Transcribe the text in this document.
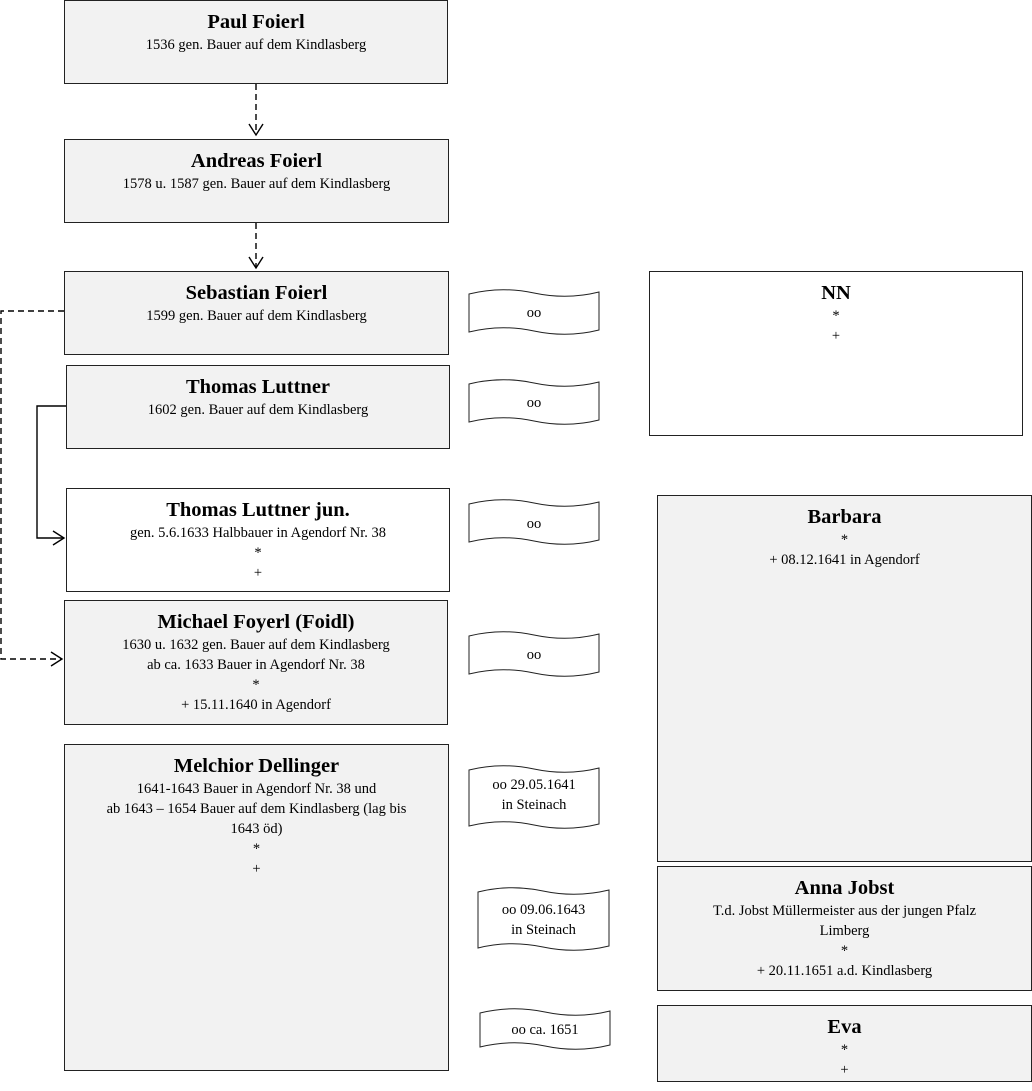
Paul Foierl
1536 gen. Bauer auf dem Kindlasberg
Andreas Foierl
1578 u. 1587 gen. Bauer auf dem Kindlasberg
Sebastian Foierl
1599 gen. Bauer auf dem Kindlasberg
Thomas Luttner
1602 gen. Bauer auf dem Kindlasberg
Thomas Luttner jun.
gen. 5.6.1633 Halbbauer in Agendorf Nr. 38
*
+
Michael Foyerl (Foidl)
1630 u. 1632 gen. Bauer auf dem Kindlasberg
ab ca. 1633 Bauer in Agendorf Nr. 38
*
+ 15.11.1640 in Agendorf
Melchior Dellinger
1641-1643 Bauer in Agendorf Nr. 38 und
ab 1643 – 1654 Bauer auf dem Kindlasberg (lag bis
1643 öd)
*
+
NN
*
+
Barbara
*
+ 08.12.1641 in Agendorf
Anna Jobst
T.d. Jobst Müllermeister aus der jungen Pfalz
Limberg
*
+ 20.11.1651 a.d. Kindlasberg
Eva
*
+
oo
oo
oo
oo
oo 29.05.1641
in Steinach
oo 09.06.1643
in Steinach
oo ca. 1651
